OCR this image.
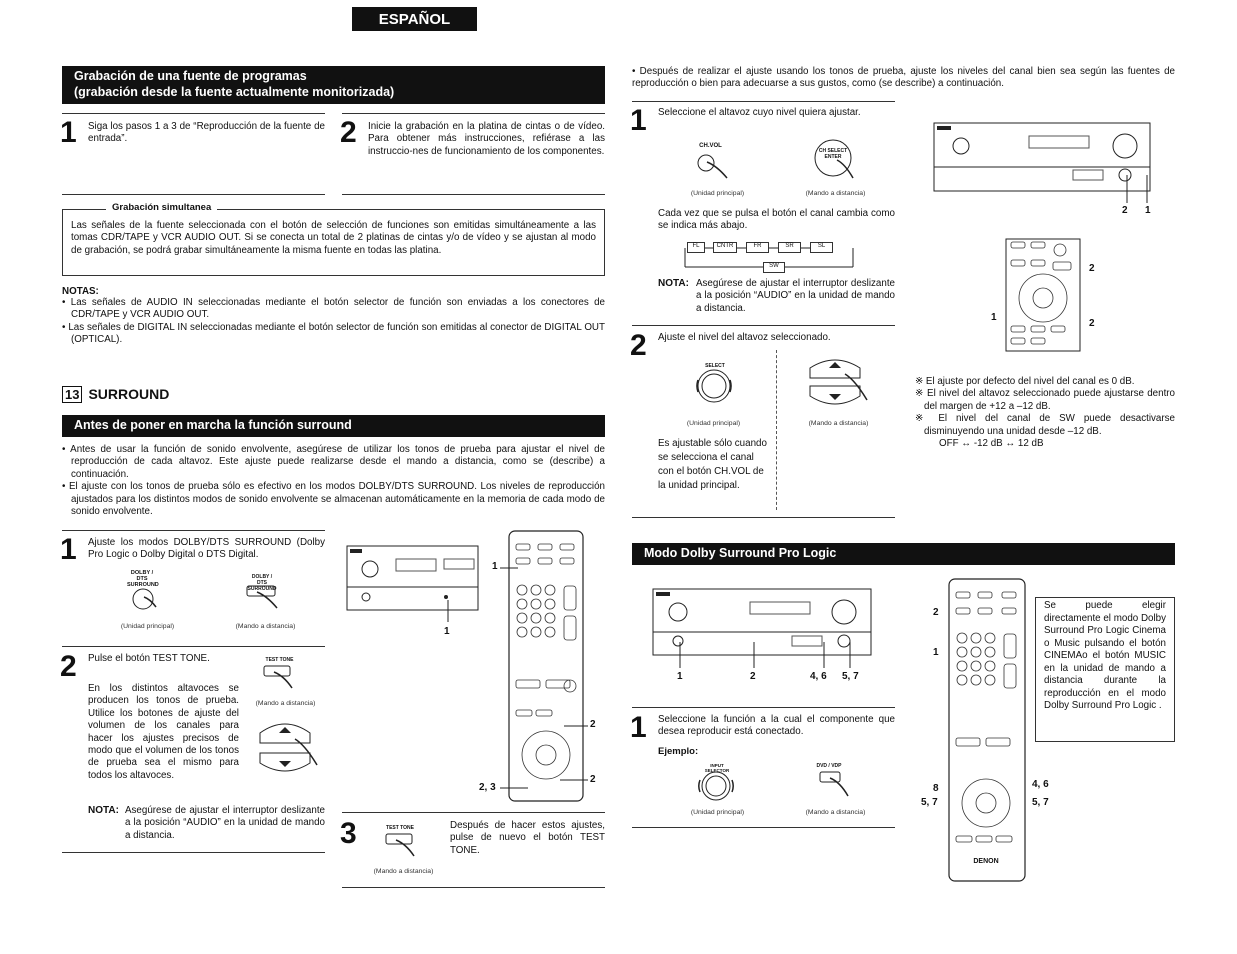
ESPAÑOL
Grabación de una fuente de programas
(grabación desde la fuente actualmente monitorizada)
1 Siga los pasos 1 a 3 de “Reproducción de la fuente de entrada”.	2 Inicie la grabación en la platina de cintas o de vídeo. Para obtener más instrucciones, refiérase a las instruccio-nes de funcionamiento de los componentes.
Las señales de la fuente seleccionada con el botón de selección de funciones son emitidas simultáneamente a las tomas CDR/TAPE y VCR AUDIO OUT. Si se conecta un total de 2 platinas de cintas y/o de vídeo y se ajustan al modo de grabación, se podrá grabar simultáneamente la misma fuente en todas las platina.
Grabación simultanea
NOTAS:
• Las señales de AUDIO IN seleccionadas mediante el botón selector de función son enviadas a los conectores de CDR/TAPE y VCR AUDIO OUT.
• Las señales de DIGITAL IN seleccionadas mediante el botón selector de función son emitidas al conector de DIGITAL OUT (OPTICAL).
13 SURROUND
Antes de poner en marcha la función surround
• Antes de usar la función de sonido envolvente, asegúrese de utilizar los tonos de prueba para ajustar el nivel de reproducción de cada altavoz. Este ajuste puede realizarse desde el mando a distancia, como se (describe) a continuación.
• El ajuste con los tonos de prueba sólo es efectivo en los modos DOLBY/DTS SURROUND. Los niveles de reproducción ajustados para los distintos modos de sonido envolvente se almacenan automáticamente en la memoria de cada modo de sonido envolvente.
1 Ajuste los modos DOLBY/DTS SURROUND (Dolby Pro Logic o Dolby Digital o DTS Digital.
DOLBY / DTS SURROUND
DOLBY / DTS SURROUND
(Unidad principal)	(Mando a distancia)
2 Pulse el botón TEST TONE.
En los distintos altavoces se producen los tonos de prueba. Utilice los botones de ajuste del volumen de los canales para hacer los ajustes precisos de modo que el volumen de los tonos de prueba sea el mismo para todos los altavoces.
TEST TONE
(Mando a distancia)
NOTA: Asegúrese de ajustar el interruptor deslizante a la posición “AUDIO” en la unidad de mando a distancia.
1
1
2
2, 3
2
3	TEST TONE
(Mando a distancia)
Después de hacer estos ajustes, pulse de nuevo el botón TEST TONE.
• Después de realizar el ajuste usando los tonos de prueba, ajuste los niveles del canal bien sea según las fuentes de reproducción o bien para adecuarse a sus gustos, como (se describe) a continuación.
1 Seleccione el altavoz cuyo nivel quiera ajustar.
CH.VOL
CH SELECT ENTER
(Unidad principal)	(Mando a distancia)
Cada vez que se pulsa el botón el canal cambia como se indica más abajo.
FL	CNTR	FR	SR	SL
SW
NOTA: Asegúrese de ajustar el interruptor deslizante a la posición “AUDIO” en la unidad de mando a distancia.
2 Ajuste el nivel del altavoz seleccionado.
SELECT
(Unidad principal)	(Mando a distancia)
Es ajustable sólo cuando se selecciona el canal con el botón CH.VOL de la unidad principal.
2 1
2
1
2
※ El ajuste por defecto del nivel del canal es 0 dB.
※ El nivel del altavoz seleccionado puede ajustarse dentro del margen de +12 a –12 dB.
※ El nivel del canal de SW puede desactivarse disminuyendo una unidad desde –12 dB.
OFF ↔ -12 dB ↔ 12 dB
Modo Dolby Surround Pro Logic
1	2	4, 6 5, 7
1 Seleccione la función a la cual el componente que desea reproducir está conectado.
Ejemplo:
INPUT SELECTOR
DVD / VDP
(Unidad principal)	(Mando a distancia)
DENON
2
1
8
5, 7
4, 6
5, 7
Se puede elegir directamente el modo Dolby Surround Pro Logic Cinema o Music pulsando el botón CINEMAo el botón MUSIC en la unidad de mando a distancia durante la reproducción en el modo Dolby Surround Pro Logic .
